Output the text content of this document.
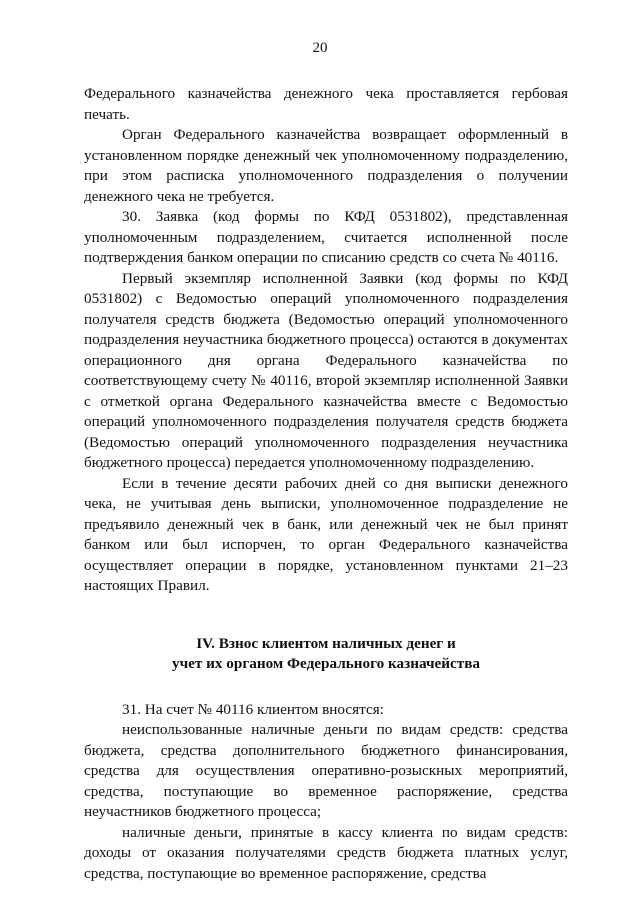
20

Федерального казначейства денежного чека проставляется гербовая печать.

Орган Федерального казначейства возвращает оформленный в установленном порядке денежный чек уполномоченному подразделению, при этом расписка уполномоченного подразделения о получении денежного чека не требуется.

30. Заявка (код формы по КФД 0531802), представленная уполномоченным подразделением, считается исполненной после подтверждения банком операции по списанию средств со счета № 40116.

Первый экземпляр исполненной Заявки (код формы по КФД 0531802) с Ведомостью операций уполномоченного подразделения получателя средств бюджета (Ведомостью операций уполномоченного подразделения неучастника бюджетного процесса) остаются в документах операционного дня органа Федерального казначейства по соответствующему счету № 40116, второй экземпляр исполненной Заявки с отметкой органа Федерального казначейства вместе с Ведомостью операций уполномоченного подразделения получателя средств бюджета (Ведомостью операций уполномоченного подразделения неучастника бюджетного процесса) передается уполномоченному подразделению.

Если в течение десяти рабочих дней со дня выписки денежного чека, не учитывая день выписки, уполномоченное подразделение не предъявило денежный чек в банк, или денежный чек не был принят банком или был испорчен, то орган Федерального казначейства осуществляет операции в порядке, установленном пунктами 21–23 настоящих Правил.

IV. Взнос клиентом наличных денег и
учет их органом Федерального казначейства

31. На счет № 40116 клиентом вносятся:

неиспользованные наличные деньги по видам средств: средства бюджета, средства дополнительного бюджетного финансирования, средства для осуществления оперативно-розыскных мероприятий, средства, поступающие во временное распоряжение, средства неучастников бюджетного процесса;

наличные деньги, принятые в кассу клиента по видам средств: доходы от оказания получателями средств бюджета платных услуг, средства, поступающие во временное распоряжение, средства
